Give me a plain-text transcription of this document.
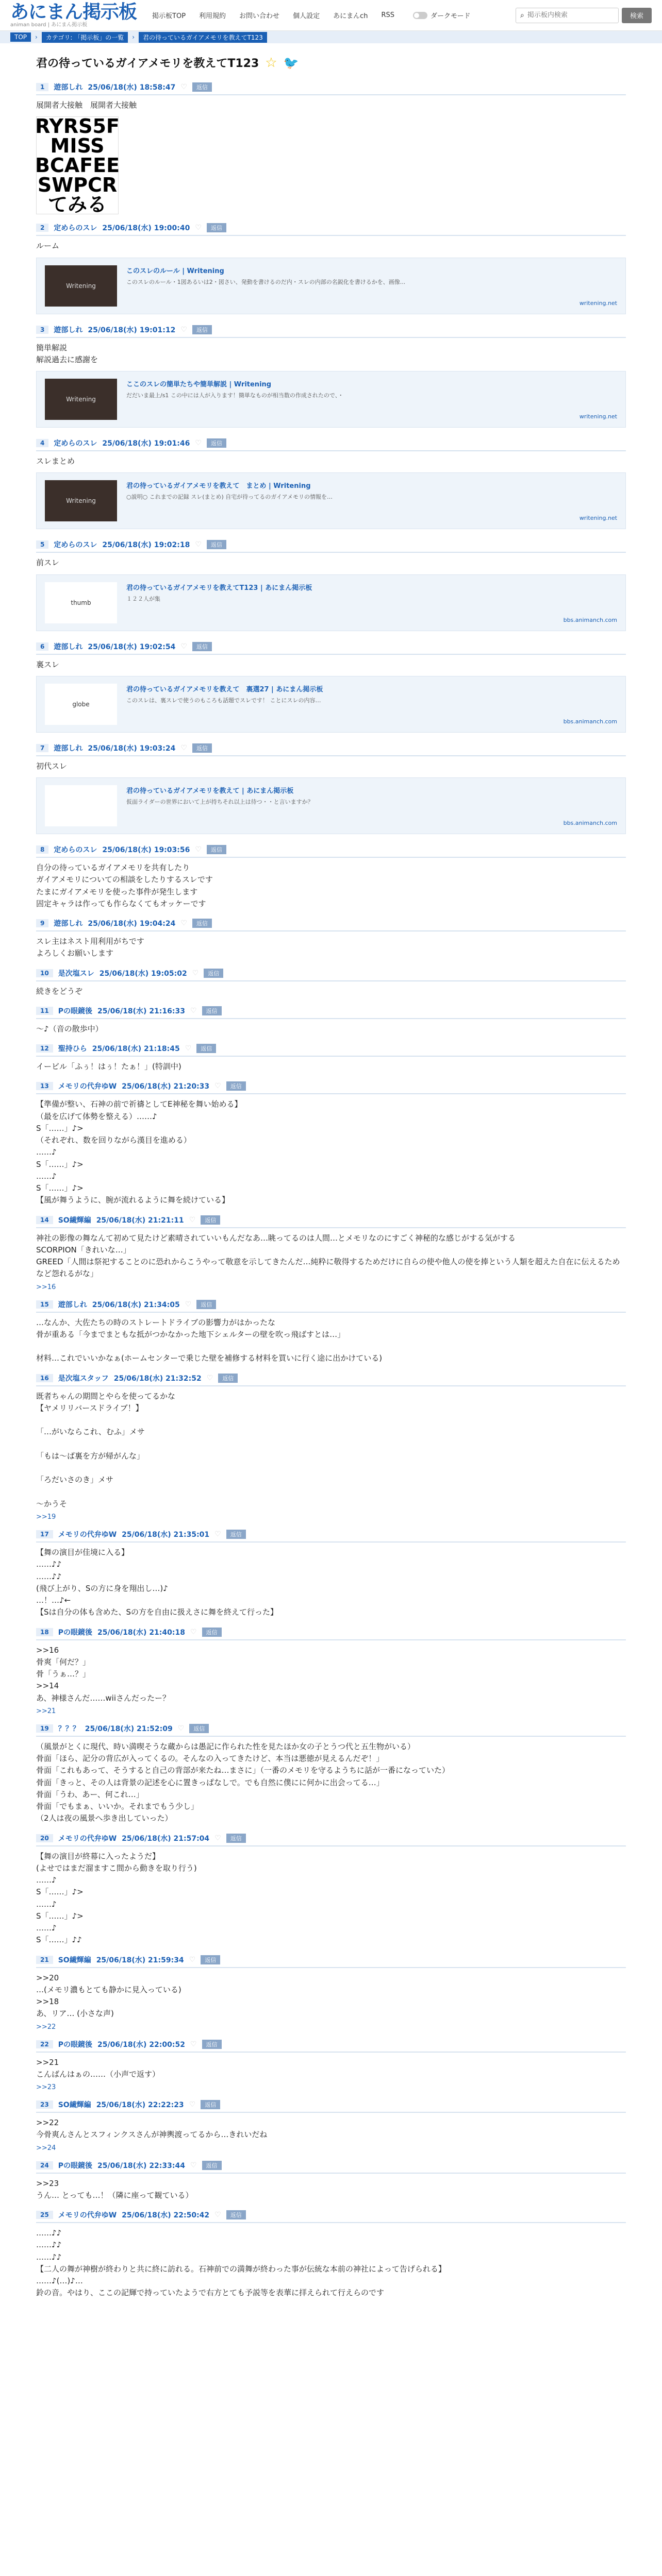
あにまん掲示板
animan board | あにまん掲示板
掲示板TOP 利用規約 お問い合わせ 個人設定 あにまんch RSS	ダークモード	⌕
掲示板内検索	検索
TOP	›	カテゴリ: 「掲示板」の一覧	›	君の待っているガイアメモリを教えてT123
君の待っているガイアメモリを教えてT123 ☆ 🐦
1	遊部しれ 25/06/18(水) 18:58:47 ♡	返信
展開者大接触　展開者大接触
RYRS5F MISS BCAFEE SWPCR てみる
2	定めらのスレ 25/06/18(水) 19:00:40 ♡	返信
ルーム
Writening
このスレのルール | Writening
このスレのルール・1図あるいは2・図さい、発動を書けるのだ内・スレの内部の名鋭化を書けるかを、画像...
writening.net
3	遊部しれ 25/06/18(水) 19:01:12 ♡	返信
簡単解説
解説過去に感謝を
Writening
ここのスレの簡単たちや簡単解説 | Writening
だだいま最上/s1 この中には人が入ります！簡単なものが相当数の作成されたので、・
writening.net
4	定めらのスレ 25/06/18(水) 19:01:46 ♡	返信
スレまとめ
Writening
君の待っているガイアメモリを教えて　まとめ | Writening
○説明○ これまでの記録 スレ(まとめ) 自宅が待ってるのガイアメモリの情報を…
writening.net
5	定めらのスレ 25/06/18(水) 19:02:18 ♡	返信
前スレ
thumb
君の待っているガイアメモリを教えてT123 | あにまん掲示板
１２２人が集
bbs.animanch.com
6	遊部しれ 25/06/18(水) 19:02:54 ♡	返信
裏スレ
globe
君の待っているガイアメモリを教えて　裏選27 | あにまん掲示板
このスレは、裏スレで使うのもころも話題でスレです！ ことにスレの内容…
bbs.animanch.com
7	遊部しれ 25/06/18(水) 19:03:24 ♡	返信
初代スレ
君の待っているガイアメモリを教えて | あにまん掲示板
仮面ライダーの世界において上が持ちそれ以上は待つ・・と言いますか？
bbs.animanch.com
8	定めらのスレ 25/06/18(水) 19:03:56 ♡	返信
自分の待っているガイアメモリを共有したり
ガイアメモリについての相談をしたりするスレです
たまにガイアメモリを使った事件が発生します
固定キャラは作っても作らなくてもオッケーです
9	遊部しれ 25/06/18(水) 19:04:24 ♡	返信
スレ主はネスト用利用がちです
よろしくお願いします
10	是次塩スレ 25/06/18(水) 19:05:02 ♡	返信
続きをどうぞ
11	Pの眼鏡後 25/06/18(水) 21:16:33 ♡	返信
〜♪（音の散歩中）
12	聖持ひら 25/06/18(水) 21:18:45 ♡	返信
イービル「ふぅ！はぅ！たぁ！」(特訓中)
13	メモリの代弁ゆW 25/06/18(水) 21:20:33 ♡	返信
【準備が整い、石神の前で祈禱としてE神秘を舞い始める】
（最を広げて体勢を整える）……♪
S「……」♪>
（それぞれ、数を回りながら漢目を進める）
……♪
S「……」♪>
……♪
S「……」♪>
【風が舞うように、腕が流れるように舞を続けている】
14	SO繊輝編 25/06/18(水) 21:21:11 ♡	返信
神社の影像の舞なんて初めて見たけど素晴されていいもんだなあ…眺ってるのは人間…とメモリなのにすごく神秘的な感じがする気がする
SCORPION「きれいな…」
GREED「人間は祭祀することのに恐れからこうやって敬意を示してきたんだ…純粋に敬得するためだけに自らの使や他人の使を捧という人類を超えた自在に伝えるためなど怨れるがな」
>>16
15	遊部しれ 25/06/18(水) 21:34:05 ♡	返信
…なんか、大佐たちの時のストレートドライブの影響力がはかったな
骨が重ある「今までまともな抵がつかなかった地下シェルターの壁を吹っ飛ばすとは…」

材料…これでいいかなぁ(ホームセンターで乗じた壁を補修する材料を買いに行く途に出かけている)
16	是次塩スタッフ 25/06/18(水) 21:32:52 ♡	返信
既者ちゃんの期間とやらを使ってるかな
【ヤメリリバースドライブ！】

「…がいならこれ、むふ」メサ

「もは〜ば裏を方が帰がんな」

「ろだいさのき」メサ

〜かうそ
>>19
17	メモリの代弁ゆW 25/06/18(水) 21:35:01 ♡	返信
【舞の演目が佳境に入る】
……♪♪
……♪♪
(飛び上がり、Sの方に身を翔出し…)♪
…！…♪←
【Sは自分の体も含めた、Sの方を自由に扱えさに舞を終えて行った】
18	Pの眼鏡後 25/06/18(水) 21:40:18 ♡	返信
>>16
骨爽「何だ？」
骨「うぁ…？」
>>14
あ、神様さんだ……wiiさんだったー？
>>21
19	？？？ 25/06/18(水) 21:52:09 ♡	返信
（風景がとくに現代、時い満喫そうな蔵からは愚記に作られた性を見たほか女の子とうつ代と五生物がいる）
骨面「ほら、記分の背広が入ってくるの。そんなの入ってきたけど、本当は悪徳が見えるんだぞ！」
骨面「これもあって、そうすると自己の背部が来たね…まさに」（一番のメモリを守るようちに話が一番になっていた）
骨面「きっと、その人は背景の記述を心に置きっぱなしで。でも自然に僕にに何かに出会ってる…」
骨面「うわ、あー、何これ…」
骨面「でもまぁ、いいか。それまでもう少し」
（2人は夜の風景へ歩き出していった）
20	メモリの代弁ゆW 25/06/18(水) 21:57:04 ♡	返信
【舞の演目が終幕に入ったようだ】
(よせではまだ溜ますこ間から動きを取り行う)
……♪
S「……」♪>
……♪
S「……」♪>
……♪
S「……」♪♪
21	SO繊輝編 25/06/18(水) 21:59:34 ♡	返信
>>20
…(メモリ濃もとても静かに見入っている)
>>18
あ、リア… (小さな声)
>>22
22	Pの眼鏡後 25/06/18(水) 22:00:52 ♡	返信
>>21
こんばんはぁの……（小声で返す）
>>23
23	SO繊輝編 25/06/18(水) 22:22:23 ♡	返信
>>22
今骨爽んさんとスフィンクスさんが神輿渡ってるから…きれいだね
>>24
24	Pの眼鏡後 25/06/18(水) 22:33:44 ♡	返信
>>23
うん… とっても…！（隣に座って観ている）
25	メモリの代弁ゆW 25/06/18(水) 22:50:42 ♡	返信
……♪♪
……♪♪
……♪♪
【二人の舞が神樹が終わりと共に終に訪れる。石神前での満舞が終わった事が伝統な本前の神社によって告げられる】
……♪(…)♪…
鈴の音。やはり、ここの記輝で持っていたようで右方とても予説等を表華に拝えられて行えらのです
